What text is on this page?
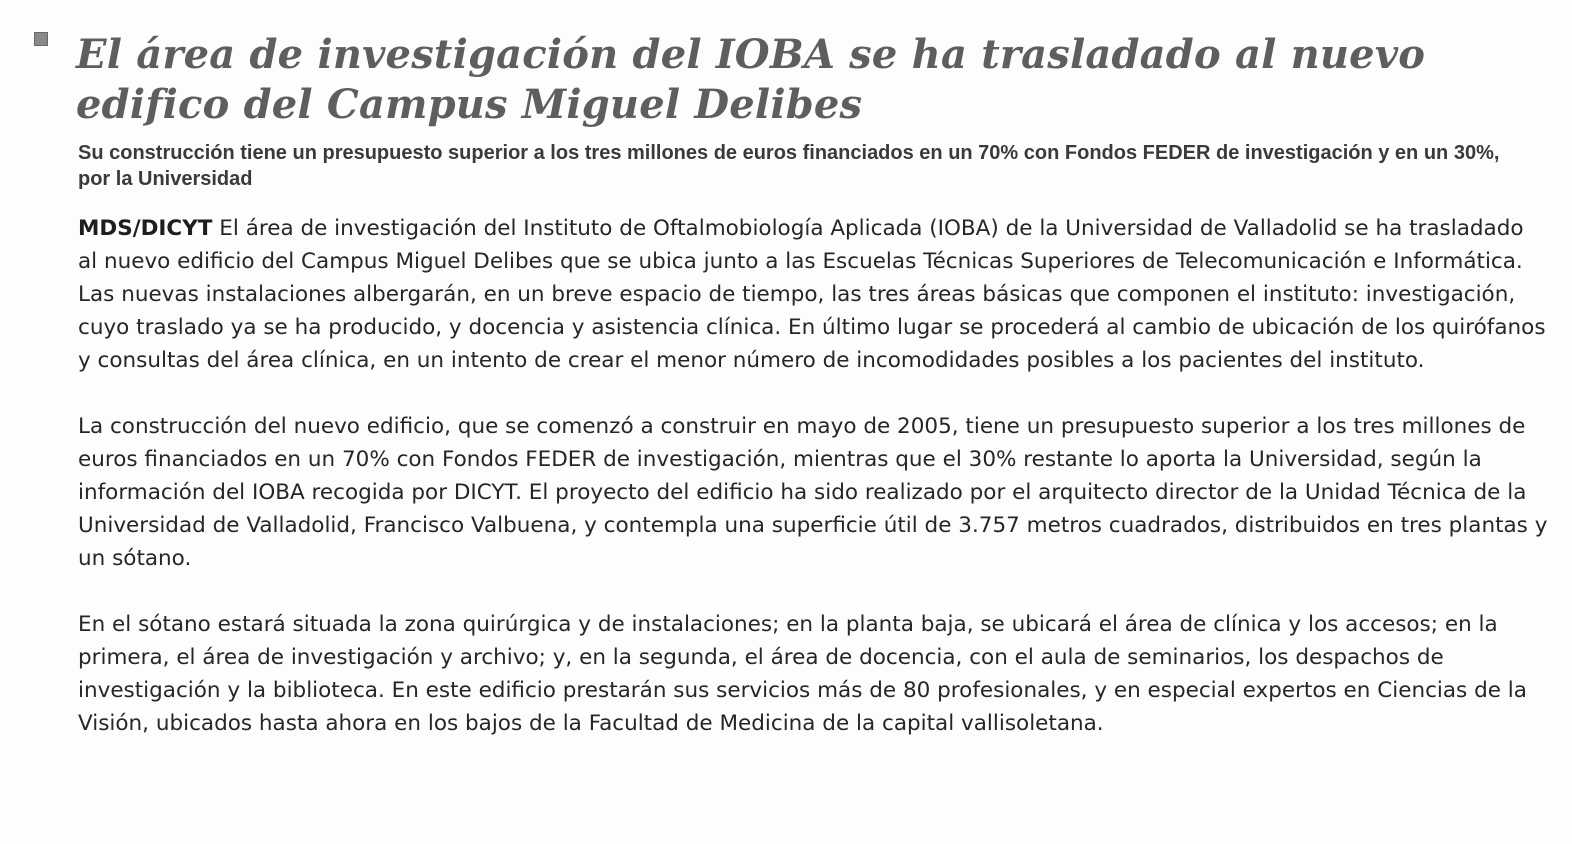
El área de investigación del IOBA se ha trasladado al nuevo edifico del Campus Miguel Delibes
Su construcción tiene un presupuesto superior a los tres millones de euros financiados en un 70% con Fondos FEDER de investigación y en un 30%, por la Universidad

MDS/DICYT El área de investigación del Instituto de Oftalmobiología Aplicada (IOBA) de la Universidad de Valladolid se ha trasladado al nuevo edificio del Campus Miguel Delibes que se ubica junto a las Escuelas Técnicas Superiores de Telecomunicación e Informática. Las nuevas instalaciones albergarán, en un breve espacio de tiempo, las tres áreas básicas que componen el instituto: investigación, cuyo traslado ya se ha producido, y docencia y asistencia clínica. En último lugar se procederá al cambio de ubicación de los quirófanos y consultas del área clínica, en un intento de crear el menor número de incomodidades posibles a los pacientes del instituto.

La construcción del nuevo edificio, que se comenzó a construir en mayo de 2005, tiene un presupuesto superior a los tres millones de euros financiados en un 70% con Fondos FEDER de investigación, mientras que el 30% restante lo aporta la Universidad, según la información del IOBA recogida por DICYT. El proyecto del edificio ha sido realizado por el arquitecto director de la Unidad Técnica de la Universidad de Valladolid, Francisco Valbuena, y contempla una superficie útil de 3.757 metros cuadrados, distribuidos en tres plantas y un sótano.

En el sótano estará situada la zona quirúrgica y de instalaciones; en la planta baja, se ubicará el área de clínica y los accesos; en la primera, el área de investigación y archivo; y, en la segunda, el área de docencia, con el aula de seminarios, los despachos de investigación y la biblioteca. En este edificio prestarán sus servicios más de 80 profesionales, y en especial expertos en Ciencias de la Visión, ubicados hasta ahora en los bajos de la Facultad de Medicina de la capital vallisoletana.
